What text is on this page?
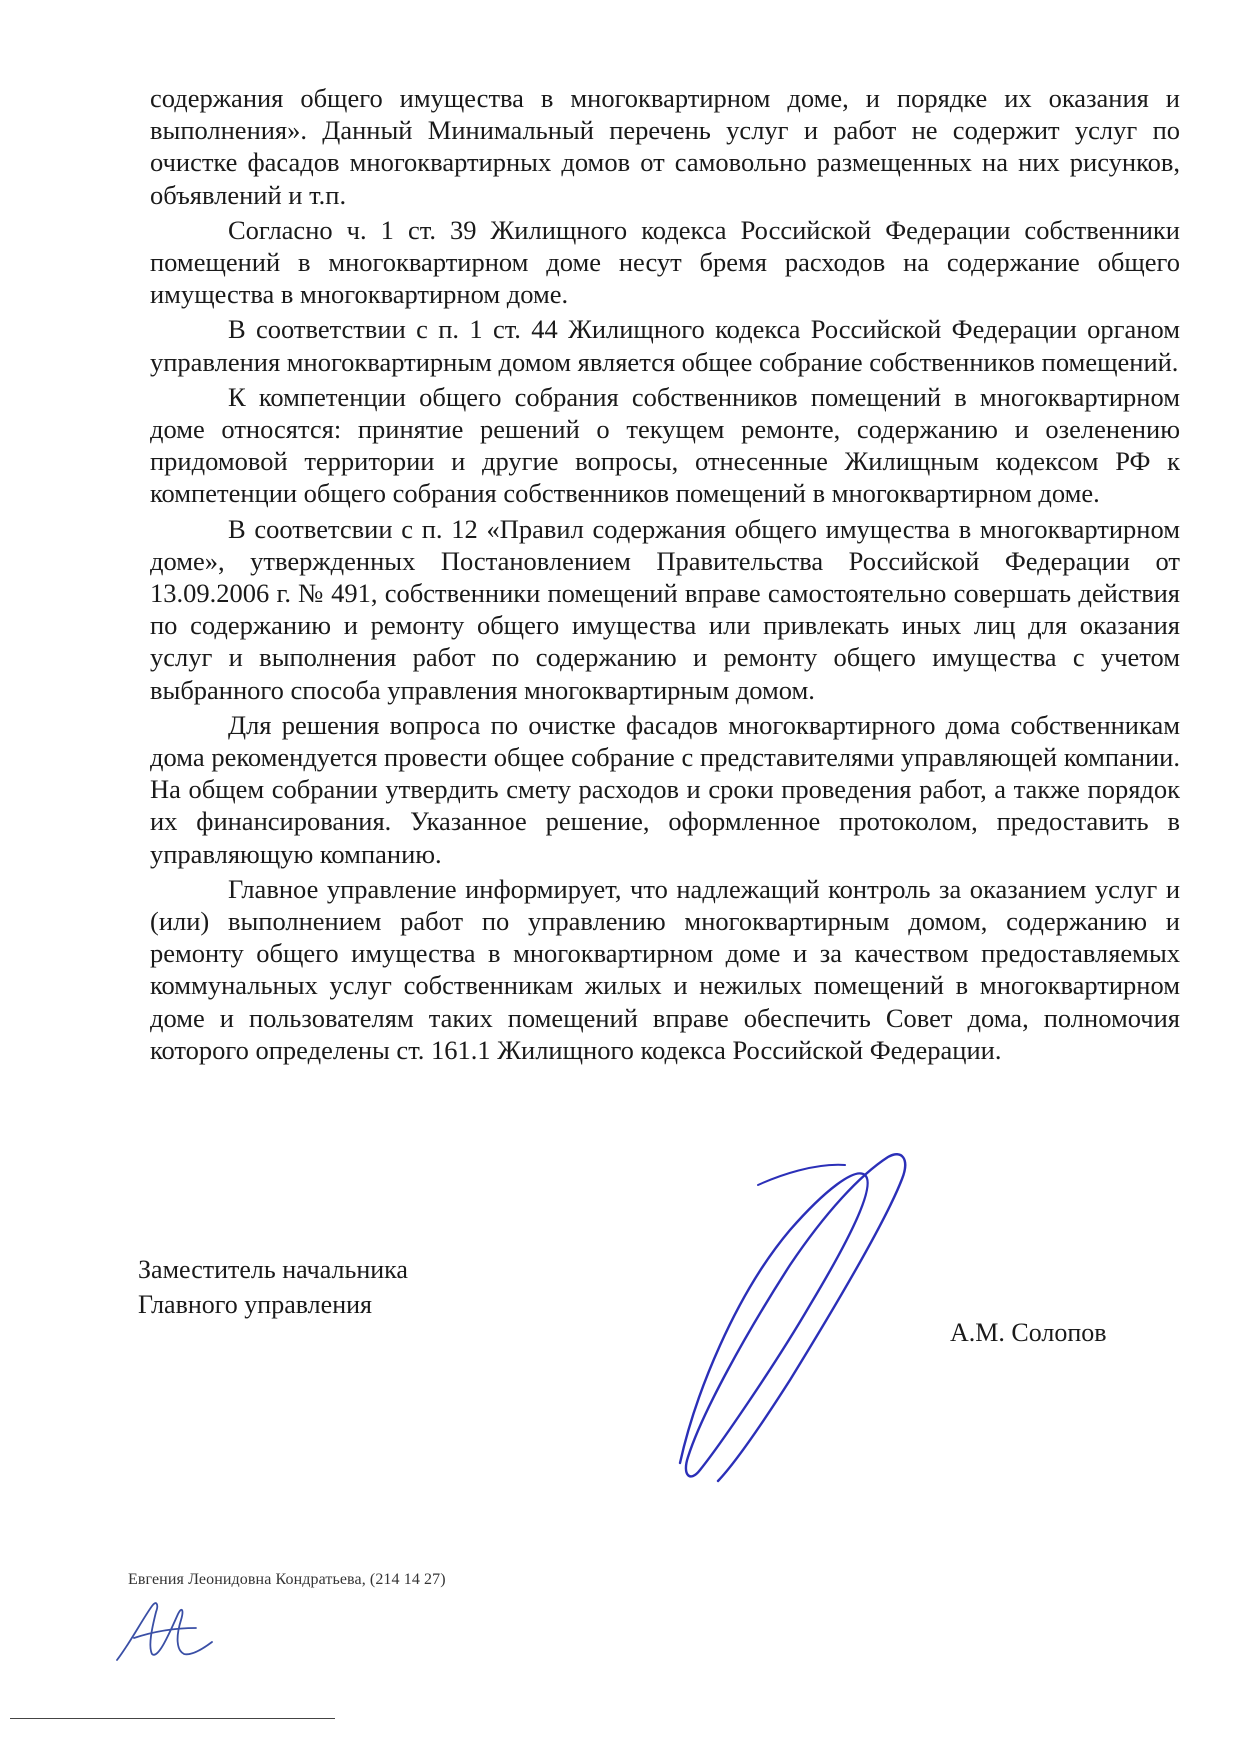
содержания общего имущества в многоквартирном доме, и порядке их оказания и выполнения». Данный Минимальный перечень услуг и работ не содержит услуг по очистке фасадов многоквартирных домов от самовольно размещенных на них рисунков, объявлений и т.п.

Согласно ч. 1 ст. 39 Жилищного кодекса Российской Федерации собственники помещений в многоквартирном доме несут бремя расходов на содержание общего имущества в многоквартирном доме.

В соответствии с п. 1 ст. 44 Жилищного кодекса Российской Федерации органом управления многоквартирным домом является общее собрание собственников помещений.

К компетенции общего собрания собственников помещений в многоквартирном доме относятся: принятие решений о текущем ремонте, содержанию и озеленению придомовой территории и другие вопросы, отнесенные Жилищным кодексом РФ к компетенции общего собрания собственников помещений в многоквартирном доме.

В соответсвии с п. 12 «Правил содержания общего имущества в многоквартирном доме», утвержденных Постановлением Правительства Российской Федерации от 13.09.2006 г. № 491, собственники помещений вправе самостоятельно совершать действия по содержанию и ремонту общего имущества или привлекать иных лиц для оказания услуг и выполнения работ по содержанию и ремонту общего имущества с учетом выбранного способа управления многоквартирным домом.

Для решения вопроса по очистке фасадов многоквартирного дома собственникам дома рекомендуется провести общее собрание с представителями управляющей компании. На общем собрании утвердить смету расходов и сроки проведения работ, а также порядок их финансирования. Указанное решение, оформленное протоколом, предоставить в управляющую компанию.

Главное управление информирует, что надлежащий контроль за оказанием услуг и (или) выполнением работ по управлению многоквартирным домом, содержанию и ремонту общего имущества в многоквартирном доме и за качеством предоставляемых коммунальных услуг собственникам жилых и нежилых помещений в многоквартирном доме и пользователям таких помещений вправе обеспечить Совет дома, полномочия которого определены ст. 161.1 Жилищного кодекса Российской Федерации.

Заместитель начальника
Главного управления
А.М. Солопов
Евгения Леонидовна Кондратьева, (214 14 27)
